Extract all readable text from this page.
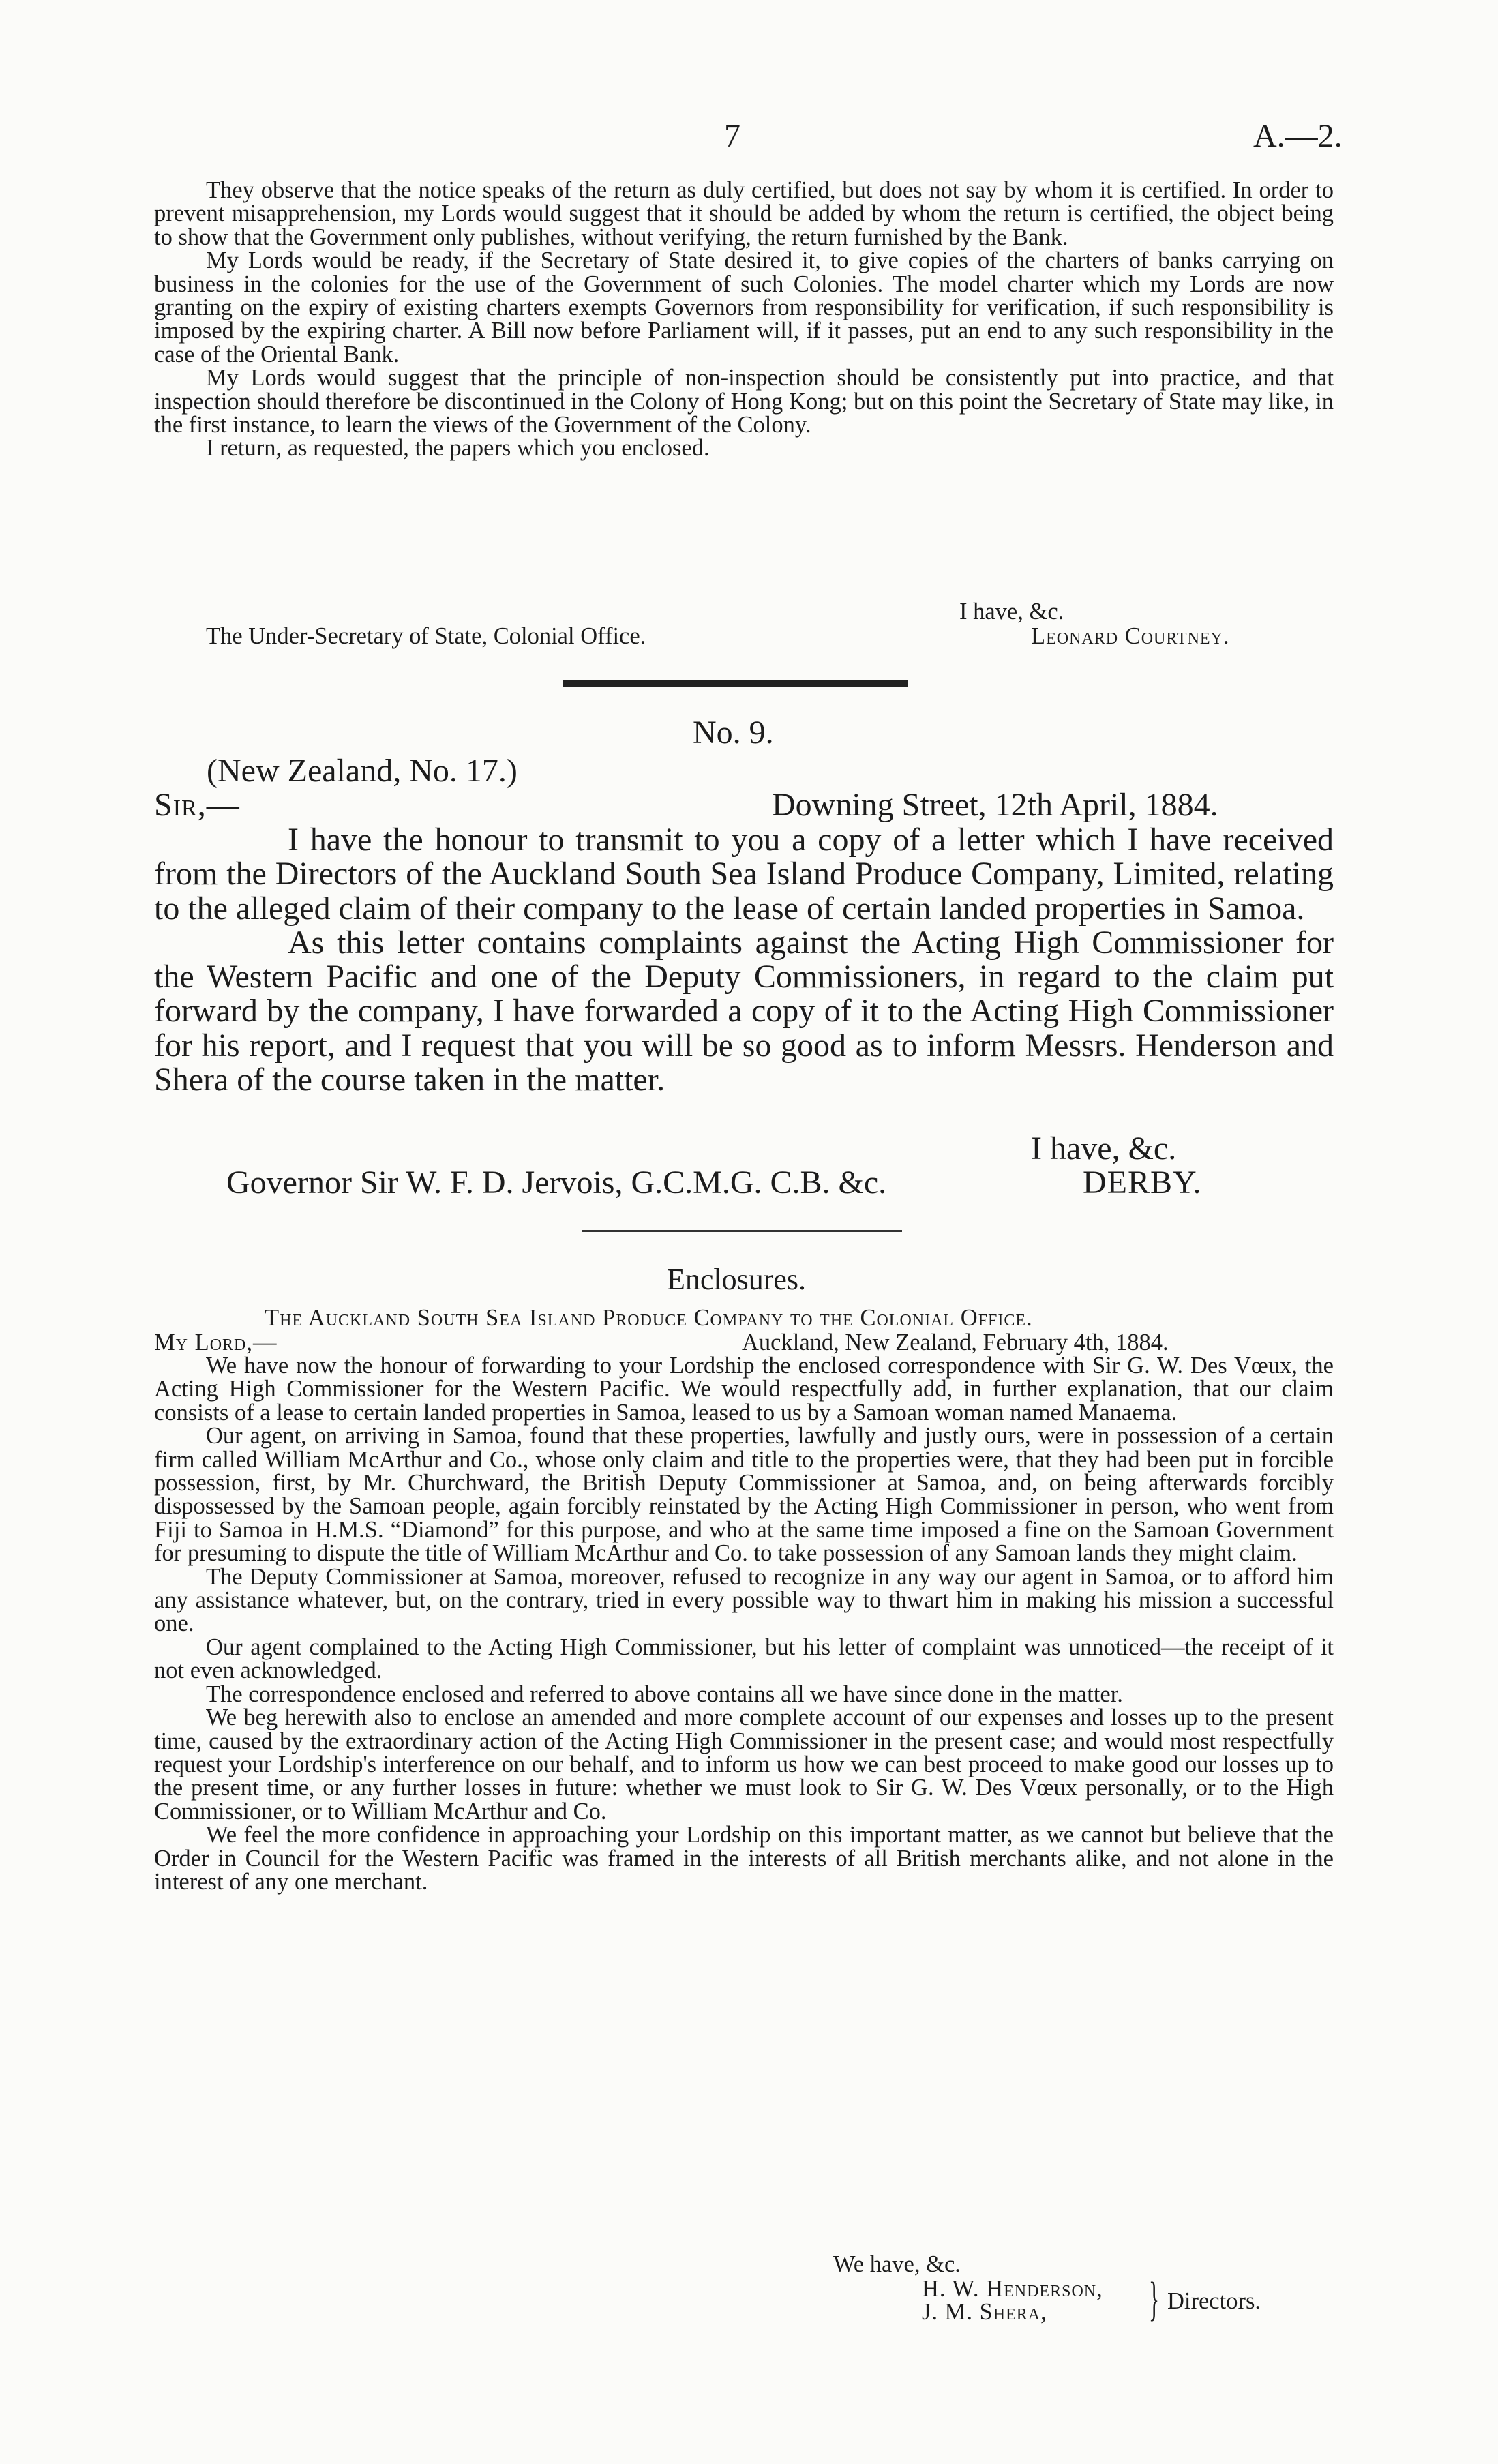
7	A.—2.

They observe that the notice speaks of the return as duly certified, but does not say by whom it is certified. In order to prevent misapprehension, my Lords would suggest that it should be added by whom the return is certified, the object being to show that the Government only publishes, without verifying, the return furnished by the Bank.

My Lords would be ready, if the Secretary of State desired it, to give copies of the charters of banks carrying on business in the colonies for the use of the Government of such Colonies. The model charter which my Lords are now granting on the expiry of existing charters exempts Governors from responsibility for verification, if such responsibility is imposed by the expiring charter. A Bill now before Parliament will, if it passes, put an end to any such responsibility in the case of the Oriental Bank.

My Lords would suggest that the principle of non-inspection should be consistently put into practice, and that inspection should therefore be discontinued in the Colony of Hong Kong; but on this point the Secretary of State may like, in the first instance, to learn the views of the Government of the Colony.

I return, as requested, the papers which you enclosed.

I have, &c.
The Under-Secretary of State, Colonial Office.	Leonard Courtney.
No. 9.
(New Zealand, No. 17.)
Sir,—	Downing Street, 12th April, 1884.

I have the honour to transmit to you a copy of a letter which I have received from the Directors of the Auckland South Sea Island Produce Company, Limited, relating to the alleged claim of their company to the lease of certain landed properties in Samoa.

As this letter contains complaints against the Acting High Commissioner for the Western Pacific and one of the Deputy Commissioners, in regard to the claim put forward by the company, I have forwarded a copy of it to the Acting High Commissioner for his report, and I request that you will be so good as to inform Messrs. Henderson and Shera of the course taken in the matter.

I have, &c.
Governor Sir W. F. D. Jervois, G.C.M.G. C.B. &c.	DERBY.
Enclosures.
The Auckland South Sea Island Produce Company to the Colonial Office.
My Lord,—	Auckland, New Zealand, February 4th, 1884.

We have now the honour of forwarding to your Lordship the enclosed correspondence with Sir G. W. Des Vœux, the Acting High Commissioner for the Western Pacific. We would respectfully add, in further explanation, that our claim consists of a lease to certain landed properties in Samoa, leased to us by a Samoan woman named Manaema.

Our agent, on arriving in Samoa, found that these properties, lawfully and justly ours, were in possession of a certain firm called William McArthur and Co., whose only claim and title to the properties were, that they had been put in forcible possession, first, by Mr. Churchward, the British Deputy Commissioner at Samoa, and, on being afterwards forcibly dispossessed by the Samoan people, again forcibly reinstated by the Acting High Commissioner in person, who went from Fiji to Samoa in H.M.S. “Diamond” for this purpose, and who at the same time imposed a fine on the Samoan Government for presuming to dispute the title of William McArthur and Co. to take possession of any Samoan lands they might claim.

The Deputy Commissioner at Samoa, moreover, refused to recognize in any way our agent in Samoa, or to afford him any assistance whatever, but, on the contrary, tried in every possible way to thwart him in making his mission a successful one.

Our agent complained to the Acting High Commissioner, but his letter of complaint was unnoticed—the receipt of it not even acknowledged.

The correspondence enclosed and referred to above contains all we have since done in the matter.

We beg herewith also to enclose an amended and more complete account of our expenses and losses up to the present time, caused by the extraordinary action of the Acting High Commissioner in the present case; and would most respectfully request your Lordship's interference on our behalf, and to inform us how we can best proceed to make good our losses up to the present time, or any further losses in future: whether we must look to Sir G. W. Des Vœux personally, or to the High Commissioner, or to William McArthur and Co.

We feel the more confidence in approaching your Lordship on this important matter, as we cannot but believe that the Order in Council for the Western Pacific was framed in the interests of all British merchants alike, and not alone in the interest of any one merchant.

We have, &c.
H. W. Henderson,
J. M. Shera, } Directors.
